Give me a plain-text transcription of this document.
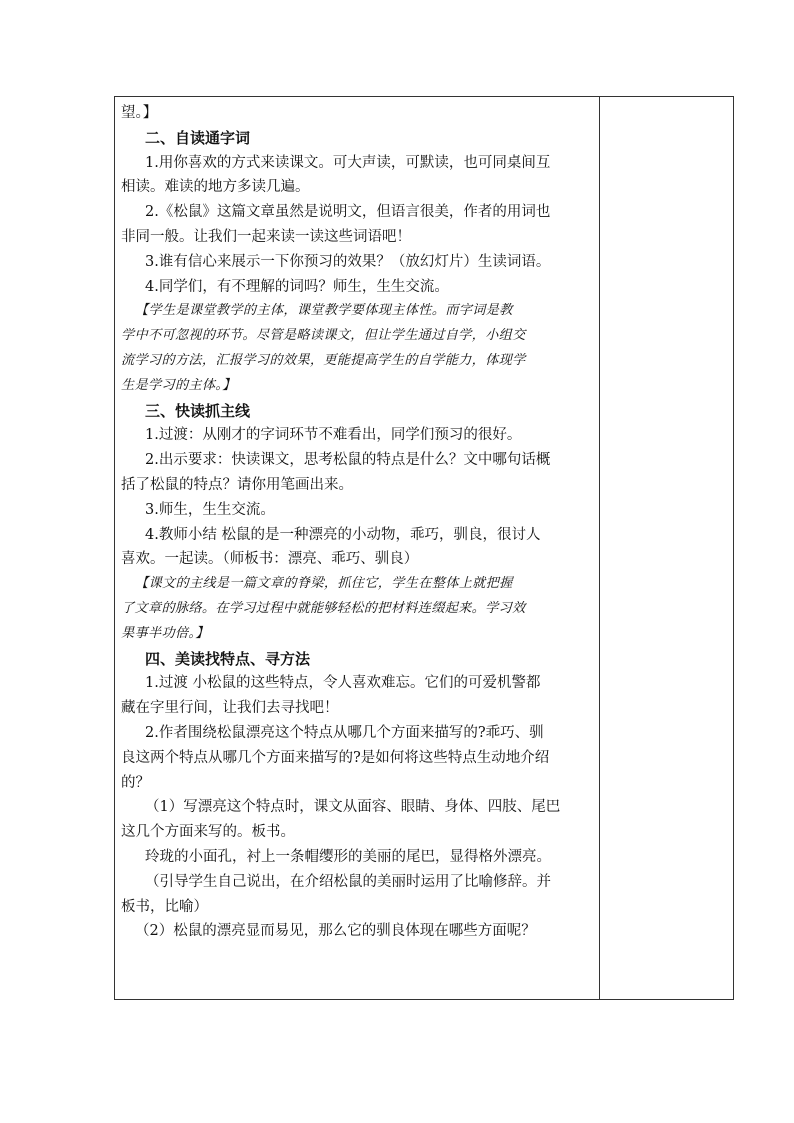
望。】
二、自读通字词
1.用你喜欢的方式来读课文。可大声读，可默读，也可同桌间互
相读。难读的地方多读几遍。
2.《松鼠》这篇文章虽然是说明文，但语言很美，作者的用词也
非同一般。让我们一起来读一读这些词语吧！
3.谁有信心来展示一下你预习的效果？（放幻灯片）生读词语。
4.同学们，有不理解的词吗？师生，生生交流。
【学生是课堂教学的主体，课堂教学要体现主体性。而字词是教
学中不可忽视的环节。尽管是略读课文，但让学生通过自学，小组交
流学习的方法，汇报学习的效果，更能提高学生的自学能力，体现学
生是学习的主体。】
三、快读抓主线
1.过渡：从刚才的字词环节不难看出，同学们预习的很好。
2.出示要求：快读课文，思考松鼠的特点是什么？文中哪句话概
括了松鼠的特点？请你用笔画出来。
3.师生，生生交流。
4.教师小结 松鼠的是一种漂亮的小动物，乖巧，驯良，很讨人
喜欢。一起读。（师板书：漂亮、乖巧、驯良）
【课文的主线是一篇文章的脊梁，抓住它，学生在整体上就把握
了文章的脉络。在学习过程中就能够轻松的把材料连缀起来。学习效
果事半功倍。】
四、美读找特点、寻方法
1.过渡 小松鼠的这些特点，令人喜欢难忘。它们的可爱机警都
藏在字里行间，让我们去寻找吧！
2.作者围绕松鼠漂亮这个特点从哪几个方面来描写的?乖巧、驯
良这两个特点从哪几个方面来描写的?是如何将这些特点生动地介绍
的？
（1）写漂亮这个特点时，课文从面容、眼睛、身体、四肢、尾巴
这几个方面来写的。板书。
玲珑的小面孔，衬上一条帽缨形的美丽的尾巴，显得格外漂亮。
（引导学生自己说出，在介绍松鼠的美丽时运用了比喻修辞。并
板书，比喻）
（2）松鼠的漂亮显而易见，那么它的驯良体现在哪些方面呢？
